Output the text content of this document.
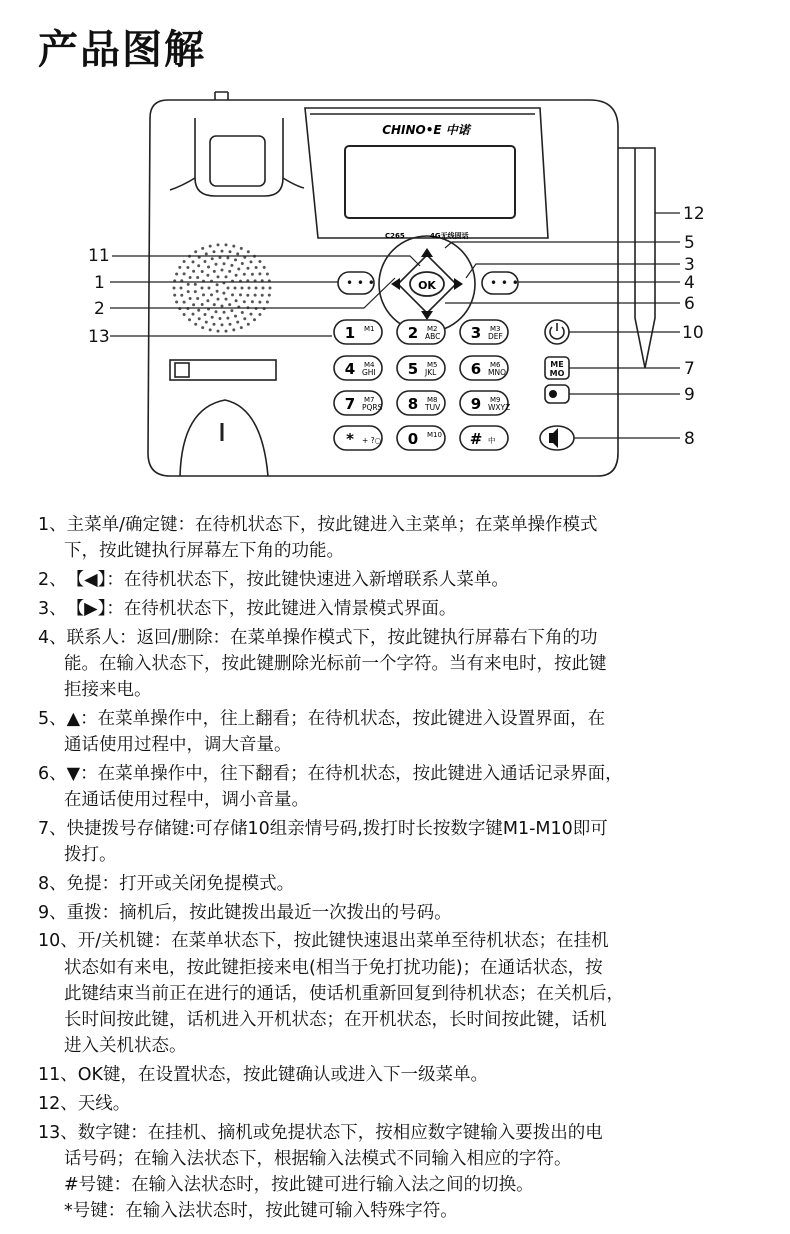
产品图解
• • •	• • •
OK
CHINO•E 中诺
C265	4G无线固话
1 M1 2 M2
ABC 3 M3
DEF
4 M4
GHI 5 M5
JKL 6 M6
MNO
7 M7
PQRS 8 M8
TUV 9 M9
WXYZ
* + ?○ 0 M10 # 中
ME
MO
11
1
2
13
12
5
3
4
6
10
7
9
8
1、主菜单/确定键：在待机状态下，按此键进入主菜单；在菜单操作模式
下，按此键执行屏幕左下角的功能。
2、【◀】：在待机状态下，按此键快速进入新增联系人菜单。
3、【▶】：在待机状态下，按此键进入情景模式界面。
4、联系人：返回/删除：在菜单操作模式下，按此键执行屏幕右下角的功
能。在输入状态下，按此键删除光标前一个字符。当有来电时，按此键
拒接来电。
5、▲：在菜单操作中，往上翻看；在待机状态，按此键进入设置界面，在
通话使用过程中，调大音量。
6、▼：在菜单操作中，往下翻看；在待机状态，按此键进入通话记录界面，
在通话使用过程中，调小音量。
7、快捷拨号存储键:可存储10组亲情号码,拨打时长按数字键M1-M10即可
拨打。
8、免提：打开或关闭免提模式。
9、重拨：摘机后，按此键拨出最近一次拨出的号码。
10、开/关机键：在菜单状态下，按此键快速退出菜单至待机状态；在挂机
状态如有来电，按此键拒接来电(相当于免打扰功能)；在通话状态，按
此键结束当前正在进行的通话，使话机重新回复到待机状态；在关机后，
长时间按此键，话机进入开机状态；在开机状态，长时间按此键，话机
进入关机状态。
11、OK键，在设置状态，按此键确认或进入下一级菜单。
12、天线。
13、数字键：在挂机、摘机或免提状态下，按相应数字键输入要拨出的电
话号码；在输入法状态下，根据输入法模式不同输入相应的字符。
#号键：在输入法状态时，按此键可进行输入法之间的切换。
*号键：在输入法状态时，按此键可输入特殊字符。
